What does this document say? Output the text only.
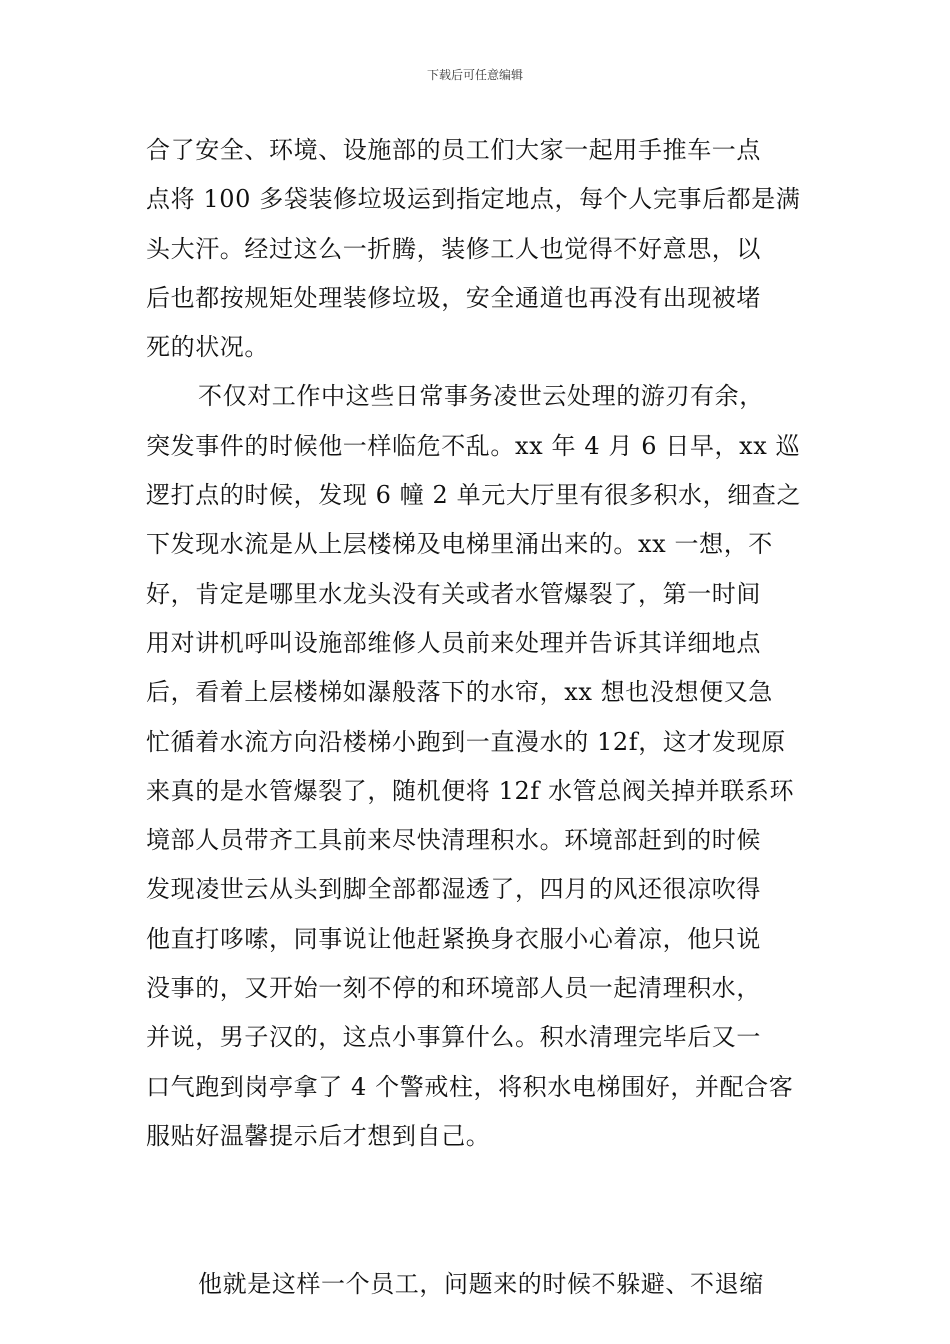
下载后可任意编辑
合了安全、环境、设施部的员工们大家一起用手推车一点
点将 100 多袋装修垃圾运到指定地点，每个人完事后都是满
头大汗。经过这么一折腾，装修工人也觉得不好意思，以
后也都按规矩处理装修垃圾，安全通道也再没有出现被堵
死的状况。
不仅对工作中这些日常事务凌世云处理的游刃有余，
突发事件的时候他一样临危不乱。xx 年 4 月 6 日早，xx 巡
逻打点的时候，发现 6 幢 2 单元大厅里有很多积水，细查之
下发现水流是从上层楼梯及电梯里涌出来的。xx 一想，不
好，肯定是哪里水龙头没有关或者水管爆裂了，第一时间
用对讲机呼叫设施部维修人员前来处理并告诉其详细地点
后，看着上层楼梯如瀑般落下的水帘，xx 想也没想便又急
忙循着水流方向沿楼梯小跑到一直漫水的 12f，这才发现原
来真的是水管爆裂了，随机便将 12f 水管总阀关掉并联系环
境部人员带齐工具前来尽快清理积水。环境部赶到的时候
发现凌世云从头到脚全部都湿透了，四月的风还很凉吹得
他直打哆嗦，同事说让他赶紧换身衣服小心着凉，他只说
没事的，又开始一刻不停的和环境部人员一起清理积水，
并说，男子汉的，这点小事算什么。积水清理完毕后又一
口气跑到岗亭拿了 4 个警戒柱，将积水电梯围好，并配合客
服贴好温馨提示后才想到自己。
他就是这样一个员工，问题来的时候不躲避、不退缩
